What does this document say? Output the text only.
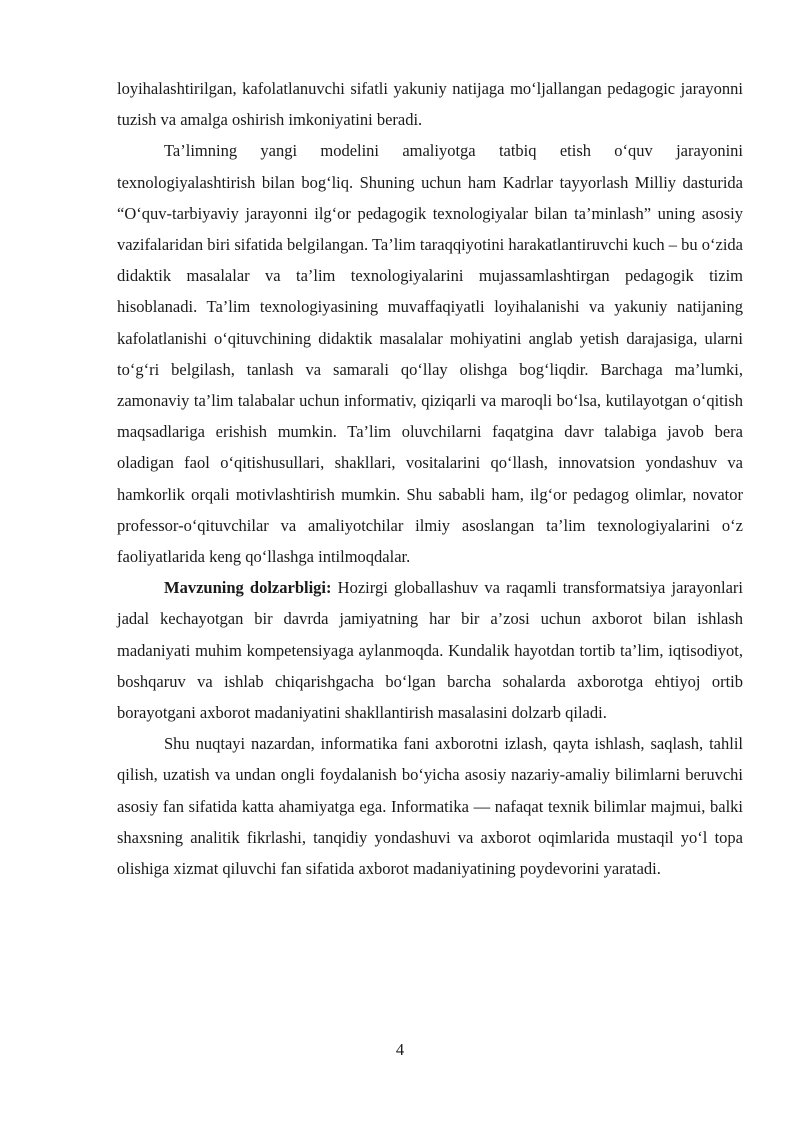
loyihalashtirilgan, kafolatlanuvchi sifatli yakuniy natijaga mo‘ljallangan pedagogic jarayonni tuzish va amalga oshirish imkoniyatini beradi.

Ta’limning yangi modelini amaliyotga tatbiq etish o‘quv jarayonini texnologiyalashtirish bilan bog‘liq. Shuning uchun ham Kadrlar tayyorlash Milliy dasturida “O‘quv-tarbiyaviy jarayonni ilg‘or pedagogik texnologiyalar bilan ta’minlash” uning asosiy vazifalaridan biri sifatida belgilangan. Ta’lim taraqqiyotini harakatlantiruvchi kuch – bu o‘zida didaktik masalalar va ta’lim texnologiyalarini mujassamlashtirgan pedagogik tizim hisoblanadi. Ta’lim texnologiyasining muvaffaqiyatli loyihalanishi va yakuniy natijaning kafolatlanishi o‘qituvchining didaktik masalalar mohiyatini anglab yetish darajasiga, ularni to‘g‘ri belgilash, tanlash va samarali qo‘llay olishga bog‘liqdir. Barchaga ma’lumki, zamonaviy ta’lim talabalar uchun informativ, qiziqarli va maroqli bo‘lsa, kutilayotgan o‘qitish maqsadlariga erishish mumkin. Ta’lim oluvchilarni faqatgina davr talabiga javob bera oladigan faol o‘qitishusullari, shakllari, vositalarini qo‘llash, innovatsion yondashuv va hamkorlik orqali motivlashtirish mumkin. Shu sababli ham, ilg‘or pedagog olimlar, novator professor-o‘qituvchilar va amaliyotchilar ilmiy asoslangan ta’lim texnologiyalarini o‘z faoliyatlarida keng qo‘llashga intilmoqdalar.

Mavzuning dolzarbligi: Hozirgi globallashuv va raqamli transformatsiya jarayonlari jadal kechayotgan bir davrda jamiyatning har bir a’zosi uchun axborot bilan ishlash madaniyati muhim kompetensiyaga aylanmoqda. Kundalik hayotdan tortib ta’lim, iqtisodiyot, boshqaruv va ishlab chiqarishgacha bo‘lgan barcha sohalarda axborotga ehtiyoj ortib borayotgani axborot madaniyatini shakllantirish masalasini dolzarb qiladi.

Shu nuqtayi nazardan, informatika fani axborotni izlash, qayta ishlash, saqlash, tahlil qilish, uzatish va undan ongli foydalanish bo‘yicha asosiy nazariy-amaliy bilimlarni beruvchi asosiy fan sifatida katta ahamiyatga ega. Informatika — nafaqat texnik bilimlar majmui, balki shaxsning analitik fikrlashi, tanqidiy yondashuvi va axborot oqimlarida mustaqil yo‘l topa olishiga xizmat qiluvchi fan sifatida axborot madaniyatining poydevorini yaratadi.

4
